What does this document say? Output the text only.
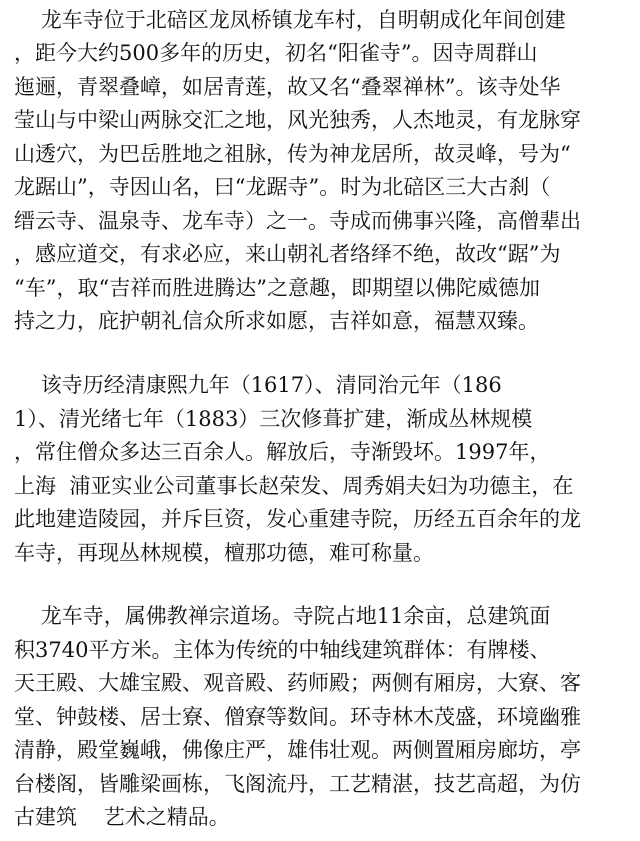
龙车寺位于北碚区龙凤桥镇龙车村，自明朝成化年间创建
，距今大约500多年的历史，初名“阳雀寺”。因寺周群山
迤逦，青翠叠嶂，如居青莲，故又名“叠翠禅林”。该寺处华
莹山与中梁山两脉交汇之地，风光独秀，人杰地灵，有龙脉穿
山透穴，为巴岳胜地之祖脉，传为神龙居所，故灵峰，号为“
龙踞山”，寺因山名，曰“龙踞寺”。时为北碚区三大古刹（
缙云寺、温泉寺、龙车寺）之一。寺成而佛事兴隆，高僧辈出
，感应道交，有求必应，来山朝礼者络绎不绝，故改“踞”为
“车”，取“吉祥而胜进腾达”之意趣，即期望以佛陀威德加
持之力，庇护朝礼信众所求如愿，吉祥如意，福慧双臻。
该寺历经清康熙九年（1617）、清同治元年（186
1）、清光绪七年（1883）三次修葺扩建，渐成丛林规模
，常住僧众多达三百余人。解放后，寺渐毁坏。1997年，
上海  浦亚实业公司董事长赵荣发、周秀娟夫妇为功德主，在
此地建造陵园，并斥巨资，发心重建寺院，历经五百余年的龙
车寺，再现丛林规模，檀那功德，难可称量。
龙车寺，属佛教禅宗道场。寺院占地11余亩，总建筑面
积3740平方米。主体为传统的中轴线建筑群体：有牌楼、
天王殿、大雄宝殿、观音殿、药师殿；两侧有厢房，大寮、客
堂、钟鼓楼、居士寮、僧寮等数间。环寺林木茂盛，环境幽雅
清静，殿堂巍峨，佛像庄严，雄伟壮观。两侧置厢房廊坊，亭
台楼阁，皆雕梁画栋，飞阁流丹，工艺精湛，技艺高超，为仿
古建筑    艺术之精品。
